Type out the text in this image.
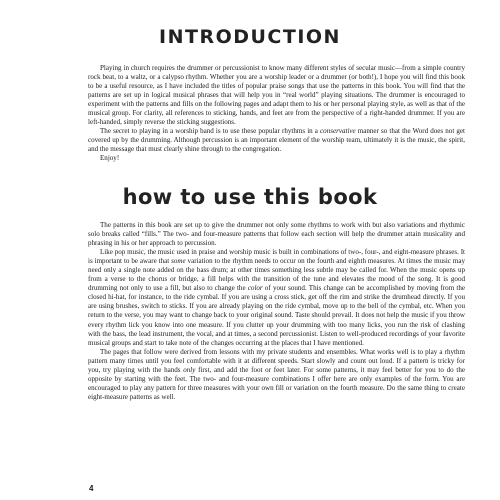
INTRODUCTION

Playing in church requires the drummer or percussionist to know many different styles of secular music—from a simple country rock beat, to a waltz, or a calypso rhythm. Whether you are a worship leader or a drummer (or both!), I hope you will find this book to be a useful resource, as I have included the titles of popular praise songs that use the patterns in this book. You will find that the patterns are set up in logical musical phrases that will help you in “real world” playing situations. The drummer is encouraged to experiment with the patterns and fills on the following pages and adapt them to his or her personal playing style, as well as that of the musical group. For clarity, all references to sticking, hands, and feet are from the perspective of a right-handed drummer. If you are left-handed, simply reverse the sticking suggestions.

The secret to playing in a worship band is to use these popular rhythms in a conservative manner so that the Word does not get covered up by the drumming. Although percussion is an important element of the worship team, ultimately it is the music, the spirit, and the message that must clearly shine through to the congregation.

Enjoy!

how to use this book

The patterns in this book are set up to give the drummer not only some rhythms to work with but also variations and rhythmic solo breaks called “fills.” The two- and four-measure patterns that follow each section will help the drummer attain musicality and phrasing in his or her approach to percussion.

Like pop music, the music used in praise and worship music is built in combinations of two-, four-, and eight-measure phrases. It is important to be aware that some variation to the rhythm needs to occur on the fourth and eighth measures. At times the music may need only a single note added on the bass drum; at other times something less subtle may be called for. When the music opens up from a verse to the chorus or bridge, a fill helps with the transition of the tune and elevates the mood of the song. It is good drumming not only to use a fill, but also to change the color of your sound. This change can be accomplished by moving from the closed hi-hat, for instance, to the ride cymbal. If you are using a cross stick, get off the rim and strike the drumhead directly. If you are using brushes, switch to sticks. If you are already playing on the ride cymbal, move up to the bell of the cymbal, etc. When you return to the verse, you may want to change back to your original sound. Taste should prevail. It does not help the music if you throw every rhythm lick you know into one measure. If you clutter up your drumming with too many licks, you run the risk of clashing with the bass, the lead instrument, the vocal, and at times, a second percussionist. Listen to well-produced recordings of your favorite musical groups and start to take note of the changes occurring at the places that I have mentioned.

The pages that follow were derived from lessons with my private students and ensembles. What works well is to play a rhythm pattern many times until you feel comfortable with it at different speeds. Start slowly and count out loud. If a pattern is tricky for you, try playing with the hands only first, and add the foot or feet later. For some patterns, it may feel better for you to do the opposite by starting with the feet. The two- and four-measure combinations I offer here are only examples of the form. You are encouraged to play any pattern for three measures with your own fill or variation on the fourth measure. Do the same thing to create eight-measure patterns as well.

4
